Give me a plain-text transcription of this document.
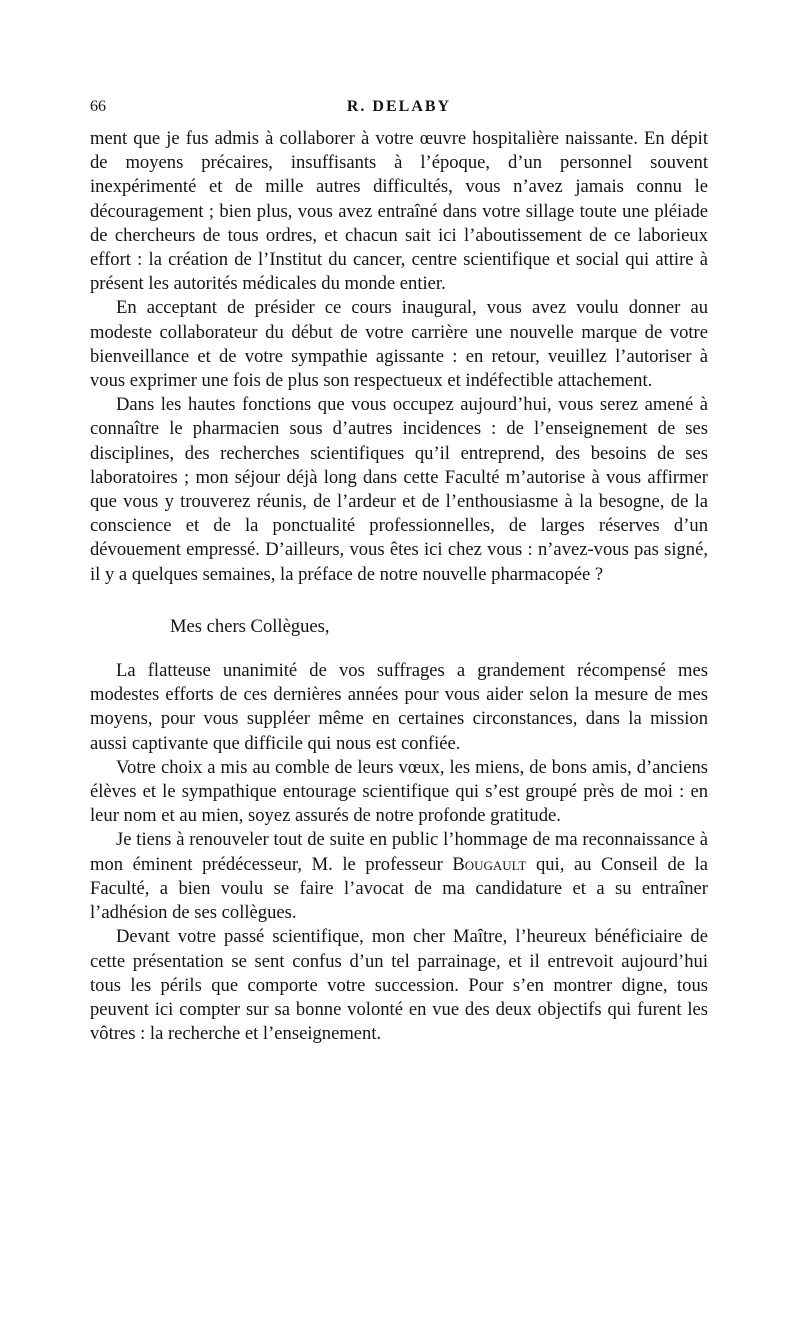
66	R. DELABY

ment que je fus admis à collaborer à votre œuvre hospitalière naissante. En dépit de moyens précaires, insuffisants à l’époque, d’un personnel souvent inexpérimenté et de mille autres difficultés, vous n’avez jamais connu le découragement ; bien plus, vous avez entraîné dans votre sillage toute une pléiade de chercheurs de tous ordres, et chacun sait ici l’aboutissement de ce laborieux effort : la création de l’Institut du cancer, centre scientifique et social qui attire à présent les autorités médicales du monde entier.

En acceptant de présider ce cours inaugural, vous avez voulu donner au modeste collaborateur du début de votre carrière une nouvelle marque de votre bienveillance et de votre sympathie agissante : en retour, veuillez l’autoriser à vous exprimer une fois de plus son respectueux et indéfectible attachement.

Dans les hautes fonctions que vous occupez aujourd’hui, vous serez amené à connaître le pharmacien sous d’autres incidences : de l’enseignement de ses disciplines, des recherches scientifiques qu’il entreprend, des besoins de ses laboratoires ; mon séjour déjà long dans cette Faculté m’autorise à vous affirmer que vous y trouverez réunis, de l’ardeur et de l’enthousiasme à la besogne, de la conscience et de la ponctualité professionnelles, de larges réserves d’un dévouement empressé. D’ailleurs, vous êtes ici chez vous : n’avez-vous pas signé, il y a quelques semaines, la préface de notre nouvelle pharmacopée ?

Mes chers Collègues,

La flatteuse unanimité de vos suffrages a grandement récompensé mes modestes efforts de ces dernières années pour vous aider selon la mesure de mes moyens, pour vous suppléer même en certaines circonstances, dans la mission aussi captivante que difficile qui nous est confiée.

Votre choix a mis au comble de leurs vœux, les miens, de bons amis, d’anciens élèves et le sympathique entourage scientifique qui s’est groupé près de moi : en leur nom et au mien, soyez assurés de notre profonde gratitude.

Je tiens à renouveler tout de suite en public l’hommage de ma reconnaissance à mon éminent prédécesseur, M. le professeur Bougault qui, au Conseil de la Faculté, a bien voulu se faire l’avocat de ma candidature et a su entraîner l’adhésion de ses collègues.

Devant votre passé scientifique, mon cher Maître, l’heureux bénéficiaire de cette présentation se sent confus d’un tel parrainage, et il entrevoit aujourd’hui tous les périls que comporte votre succession. Pour s’en montrer digne, tous peuvent ici compter sur sa bonne volonté en vue des deux objectifs qui furent les vôtres : la recherche et l’enseignement.
